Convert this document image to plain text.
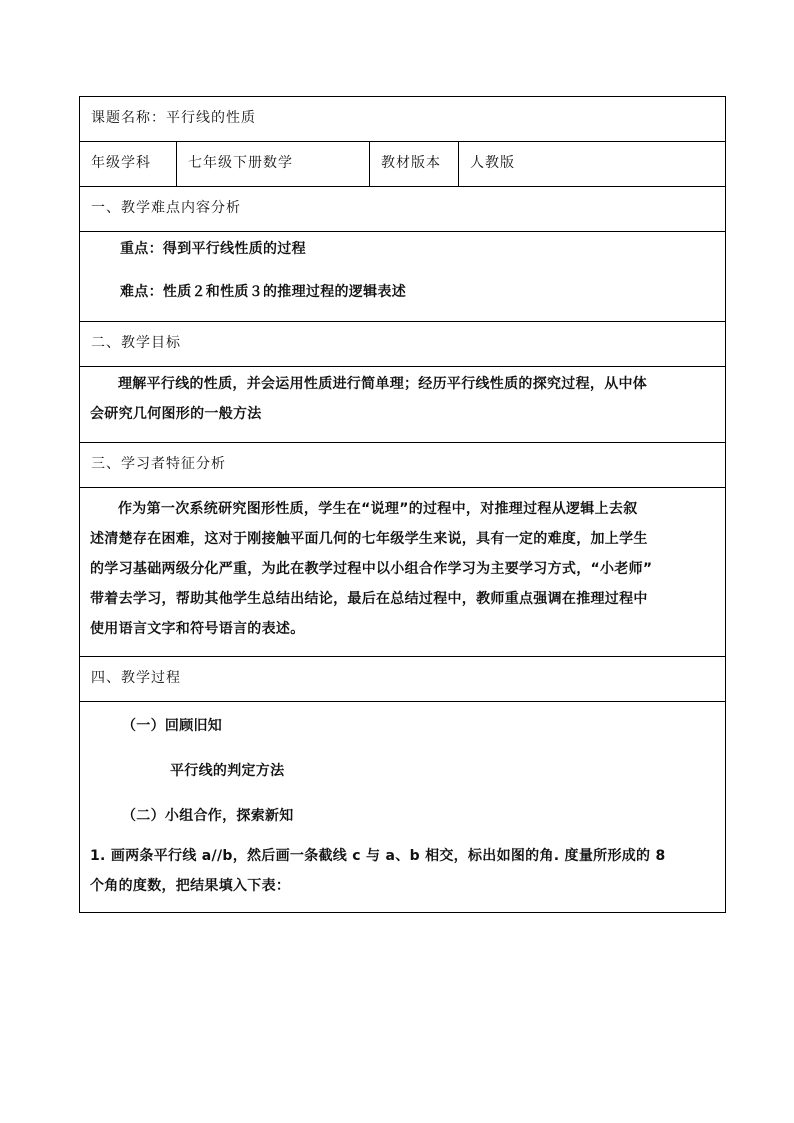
课题名称：平行线的性质

年级学科	七年级下册数学	教材版本	人教版

一、教学难点内容分析

重点：得到平行线性质的过程
难点：性质２和性质３的推理过程的逻辑表述

二、教学目标

理解平行线的性质，并会运用性质进行简单理；经历平行线性质的探究过程，从中体
会研究几何图形的一般方法

三、学习者特征分析

作为第一次系统研究图形性质，学生在“说理”的过程中，对推理过程从逻辑上去叙
述清楚存在困难，这对于刚接触平面几何的七年级学生来说，具有一定的难度，加上学生
的学习基础两级分化严重，为此在教学过程中以小组合作学习为主要学习方式，“小老师”
带着去学习，帮助其他学生总结出结论，最后在总结过程中，教师重点强调在推理过程中
使用语言文字和符号语言的表述。

四、教学过程

（一）回顾旧知
平行线的判定方法
（二）小组合作，探索新知
1. 画两条平行线 a//b，然后画一条截线 c 与 a、b 相交，标出如图的角. 度量所形成的 8
个角的度数，把结果填入下表：
